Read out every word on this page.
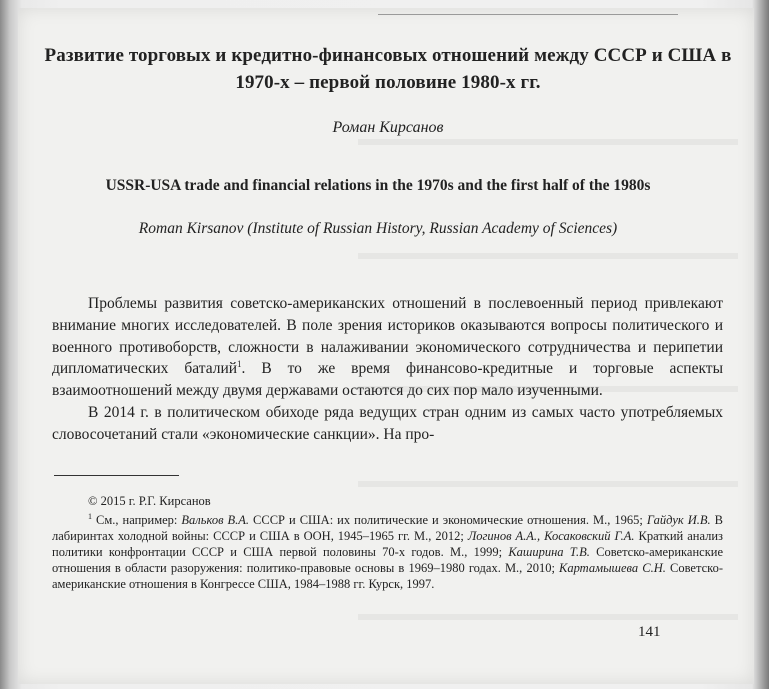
Развитие торговых и кредитно-финансовых отношений между СССР и США в 1970-х – первой половине 1980-х гг.
Роман Кирсанов
USSR-USA trade and financial relations in the 1970s and the first half of the 1980s
Roman Kirsanov (Institute of Russian History, Russian Academy of Sciences)

Проблемы развития советско-американских отношений в послевоенный период привлекают внимание многих исследователей. В поле зрения историков оказываются вопросы политического и военного противоборств, сложности в налаживании экономического сотрудничества и перипетии дипломатических баталий$^1$. В то же время финансово-кредитные и торговые аспекты взаимоотношений между двумя державами остаются до сих пор мало изученными.

В 2014 г. в политическом обиходе ряда ведущих стран одним из самых часто употребляемых словосочетаний стали «экономические санкции». На про-

© 2015 г. Р.Г. Кирсанов

$^1$ См., например: Вальков В.А. СССР и США: их политические и экономические отношения. М., 1965; Гайдук И.В. В лабиринтах холодной войны: СССР и США в ООН, 1945–1965 гг. М., 2012; Логинов А.А., Косаковский Г.А. Краткий анализ политики конфронтации СССР и США первой половины 70-х годов. М., 1999; Каширина Т.В. Советско-американские отношения в области разоружения: политико-правовые основы в 1969–1980 годах. М., 2010; Картамышева С.Н. Советско-американские отношения в Конгрессе США, 1984–1988 гг. Курск, 1997.

141
